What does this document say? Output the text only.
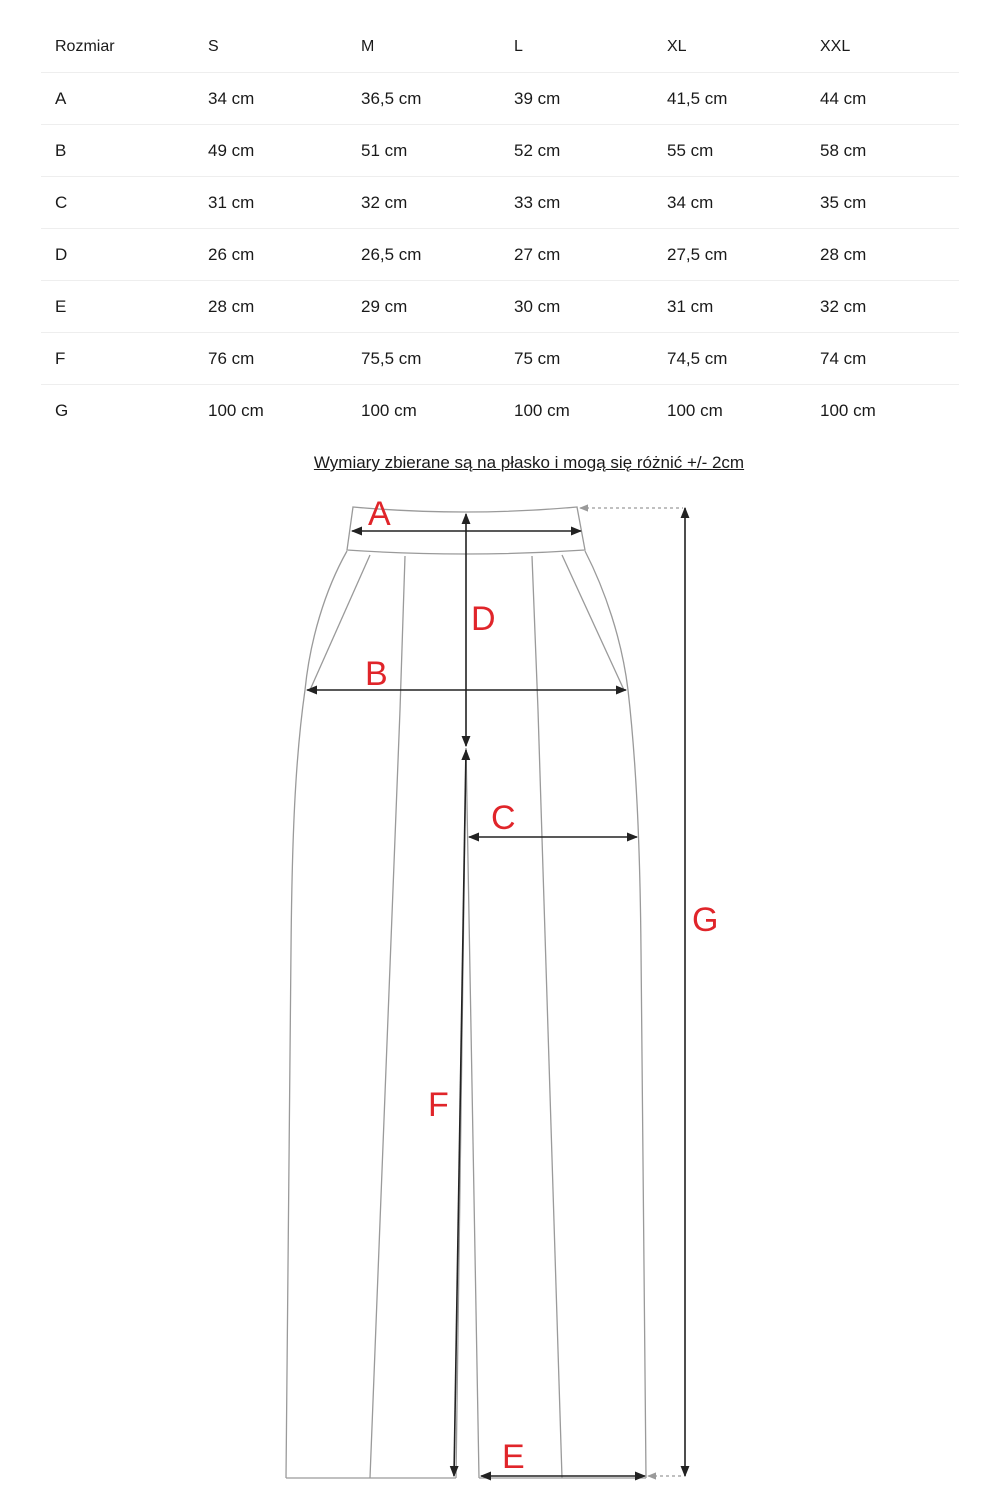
Rozmiar	S	M	L	XL	XXL
A	34 cm	36,5 cm	39 cm	41,5 cm	44 cm
B	49 cm	51 cm	52 cm	55 cm	58 cm
C	31 cm	32 cm	33 cm	34 cm	35 cm
D	26 cm	26,5 cm	27 cm	27,5 cm	28 cm
E	28 cm	29 cm	30 cm	31 cm	32 cm
F	76 cm	75,5 cm	75 cm	74,5 cm	74 cm
G	100 cm	100 cm	100 cm	100 cm	100 cm

Wymiary zbierane są na płasko i mogą się różnić +/- 2cm

A
B
C
D
E
F
G
